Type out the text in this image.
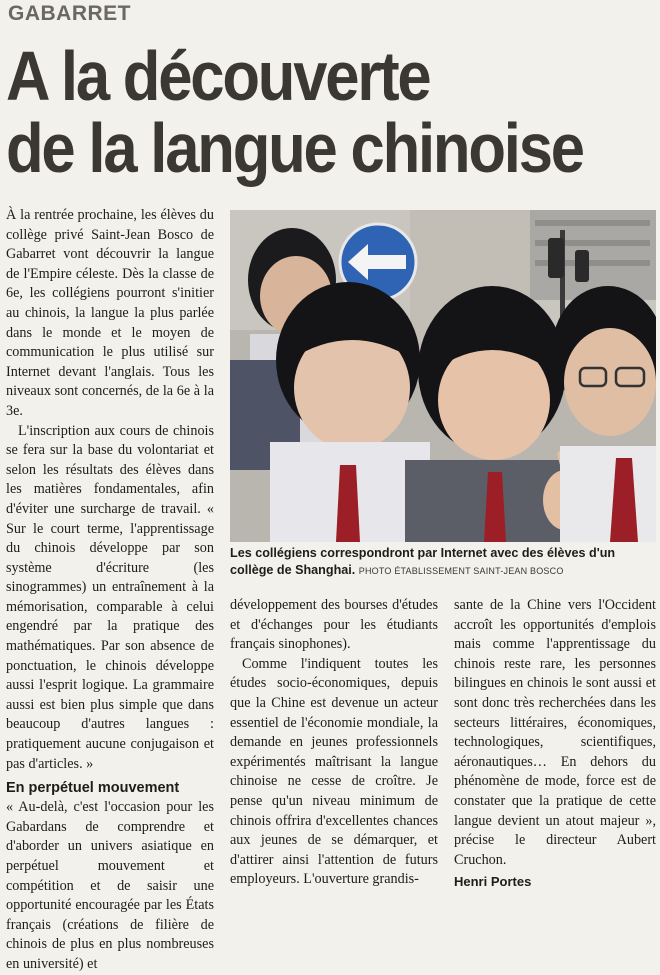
GABARRET
A la découverte
de la langue chinoise

À la rentrée prochaine, les élèves du collège privé Saint-Jean Bosco de Gabarret vont découvrir la langue de l'Empire céleste. Dès la classe de 6e, les collégiens pourront s'initier au chinois, la langue la plus parlée dans le monde et le moyen de communication le plus utilisé sur Internet devant l'anglais. Tous les niveaux sont concernés, de la 6e à la 3e.

L'inscription aux cours de chinois se fera sur la base du volontariat et selon les résultats des élèves dans les matières fondamentales, afin d'éviter une surcharge de travail. « Sur le court terme, l'apprentissage du chinois développe par son système d'écriture (les sinogrammes) un entraînement à la mémorisation, comparable à celui engendré par la pratique des mathématiques. Par son absence de ponctuation, le chinois développe aussi l'esprit logique. La grammaire aussi est bien plus simple que dans beaucoup d'autres langues : pratiquement aucune conjugaison et pas d'articles. »

En perpétuel mouvement

« Au-delà, c'est l'occasion pour les Gabardans de comprendre et d'aborder un univers asiatique en perpétuel mouvement et compétition et de saisir une opportunité encouragée par les États français (créations de filière de chinois de plus en plus nombreuses en université) et

Les collégiens correspondront par Internet avec des élèves d'un collège de Shanghai. PHOTO ÉTABLISSEMENT SAINT-JEAN BOSCO

développement des bourses d'études et d'échanges pour les étudiants français sinophones).

Comme l'indiquent toutes les études socio-économiques, depuis que la Chine est devenue un acteur essentiel de l'économie mondiale, la demande en jeunes professionnels expérimentés maîtrisant la langue chinoise ne cesse de croître. Je pense qu'un niveau minimum de chinois offrira d'excellentes chances aux jeunes de se démarquer, et d'attirer ainsi l'attention de futurs employeurs. L'ouverture grandis-

sante de la Chine vers l'Occident accroît les opportunités d'emplois mais comme l'apprentissage du chinois reste rare, les personnes bilingues en chinois le sont aussi et sont donc très recherchées dans les secteurs littéraires, économiques, technologiques, scientifiques, aéronautiques… En dehors du phénomène de mode, force est de constater que la pratique de cette langue devient un atout majeur », précise le directeur Aubert Cruchon.

Henri Portes
